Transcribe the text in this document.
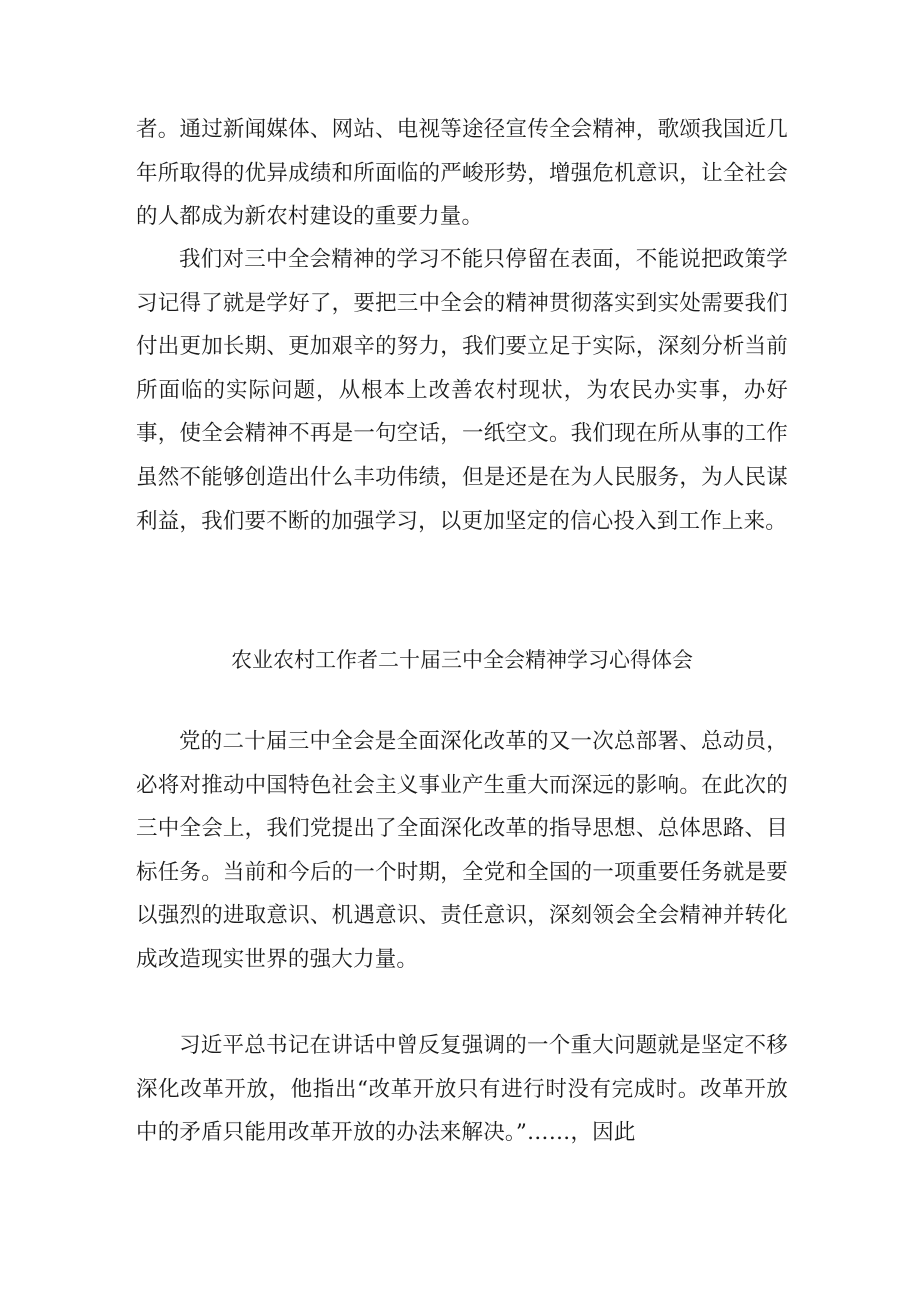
者。通过新闻媒体、网站、电视等途径宣传全会精神，歌颂我国近几年所取得的优异成绩和所面临的严峻形势，增强危机意识，让全社会的人都成为新农村建设的重要力量。

我们对三中全会精神的学习不能只停留在表面，不能说把政策学习记得了就是学好了，要把三中全会的精神贯彻落实到实处需要我们付出更加长期、更加艰辛的努力，我们要立足于实际，深刻分析当前所面临的实际问题，从根本上改善农村现状，为农民办实事，办好事，使全会精神不再是一句空话，一纸空文。我们现在所从事的工作虽然不能够创造出什么丰功伟绩，但是还是在为人民服务，为人民谋利益，我们要不断的加强学习，以更加坚定的信心投入到工作上来。

农业农村工作者二十届三中全会精神学习心得体会

党的二十届三中全会是全面深化改革的又一次总部署、总动员，必将对推动中国特色社会主义事业产生重大而深远的影响。在此次的三中全会上，我们党提出了全面深化改革的指导思想、总体思路、目标任务。当前和今后的一个时期，全党和全国的一项重要任务就是要以强烈的进取意识、机遇意识、责任意识，深刻领会全会精神并转化成改造现实世界的强大力量。

习近平总书记在讲话中曾反复强调的一个重大问题就是坚定不移深化改革开放，他指出“改革开放只有进行时没有完成时。改革开放中的矛盾只能用改革开放的办法来解决。”……，因此
